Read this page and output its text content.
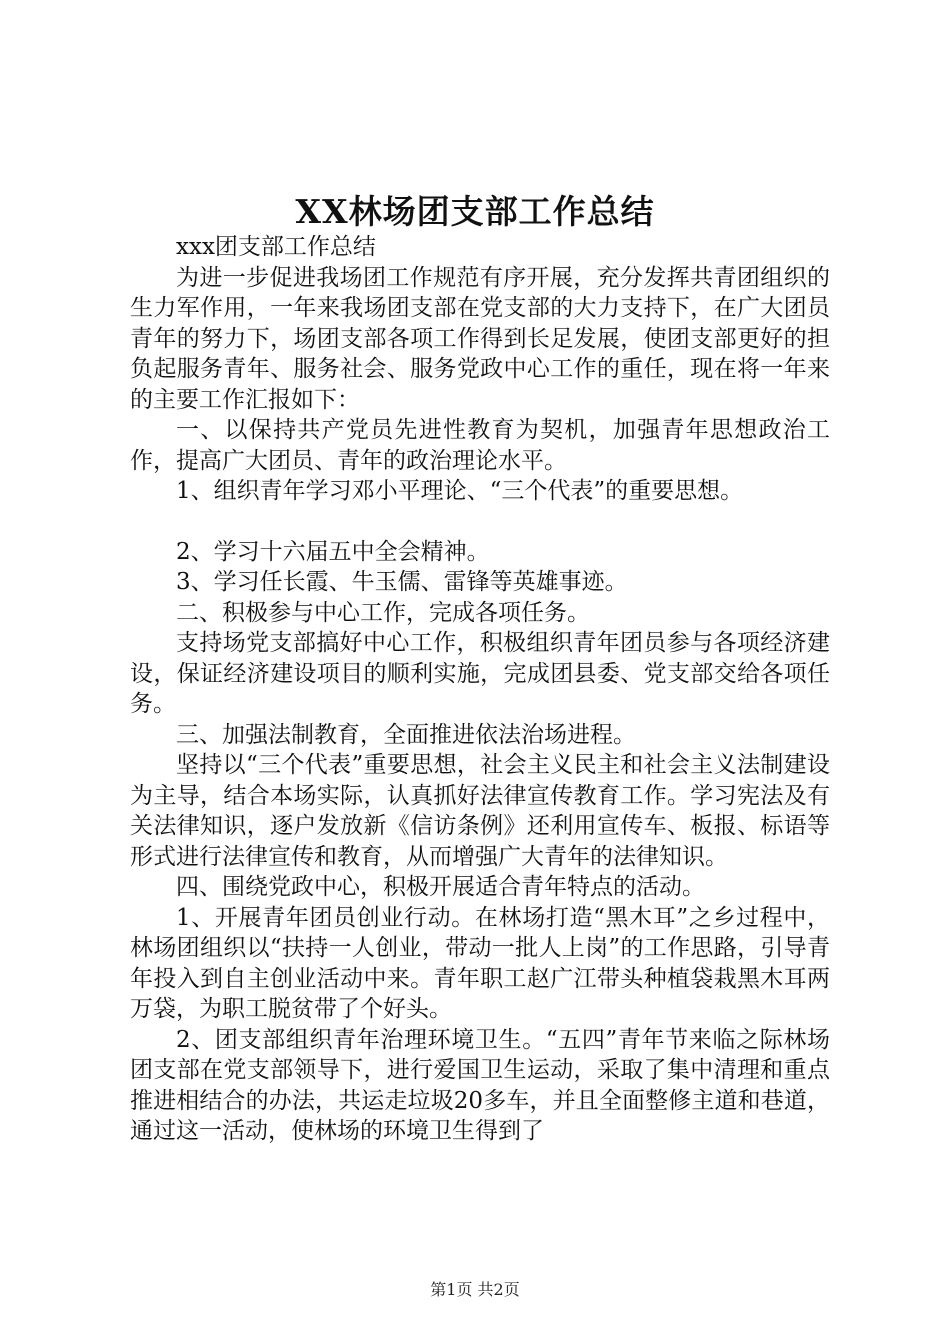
XX林场团支部工作总结

xxx团支部工作总结

为进一步促进我场团工作规范有序开展，充分发挥共青团组织的生力军作用，一年来我场团支部在党支部的大力支持下，在广大团员青年的努力下，场团支部各项工作得到长足发展，使团支部更好的担负起服务青年、服务社会、服务党政中心工作的重任，现在将一年来的主要工作汇报如下：

一、以保持共产党员先进性教育为契机，加强青年思想政治工作，提高广大团员、青年的政治理论水平。

1、组织青年学习邓小平理论、“三个代表”的重要思想。

2、学习十六届五中全会精神。

3、学习任长霞、牛玉儒、雷锋等英雄事迹。

二、积极参与中心工作，完成各项任务。

支持场党支部搞好中心工作，积极组织青年团员参与各项经济建设，保证经济建设项目的顺利实施，完成团县委、党支部交给各项任务。

三、加强法制教育，全面推进依法治场进程。

坚持以“三个代表”重要思想，社会主义民主和社会主义法制建设为主导，结合本场实际，认真抓好法律宣传教育工作。学习宪法及有关法律知识，逐户发放新《信访条例》还利用宣传车、板报、标语等形式进行法律宣传和教育，从而增强广大青年的法律知识。

四、围绕党政中心，积极开展适合青年特点的活动。

1、开展青年团员创业行动。在林场打造“黑木耳”之乡过程中，林场团组织以“扶持一人创业，带动一批人上岗”的工作思路，引导青年投入到自主创业活动中来。青年职工赵广江带头种植袋栽黑木耳两万袋，为职工脱贫带了个好头。

2、团支部组织青年治理环境卫生。“五四”青年节来临之际林场团支部在党支部领导下，进行爱国卫生运动，采取了集中清理和重点推进相结合的办法，共运走垃圾20多车，并且全面整修主道和巷道，通过这一活动，使林场的环境卫生得到了

第1页 共2页
